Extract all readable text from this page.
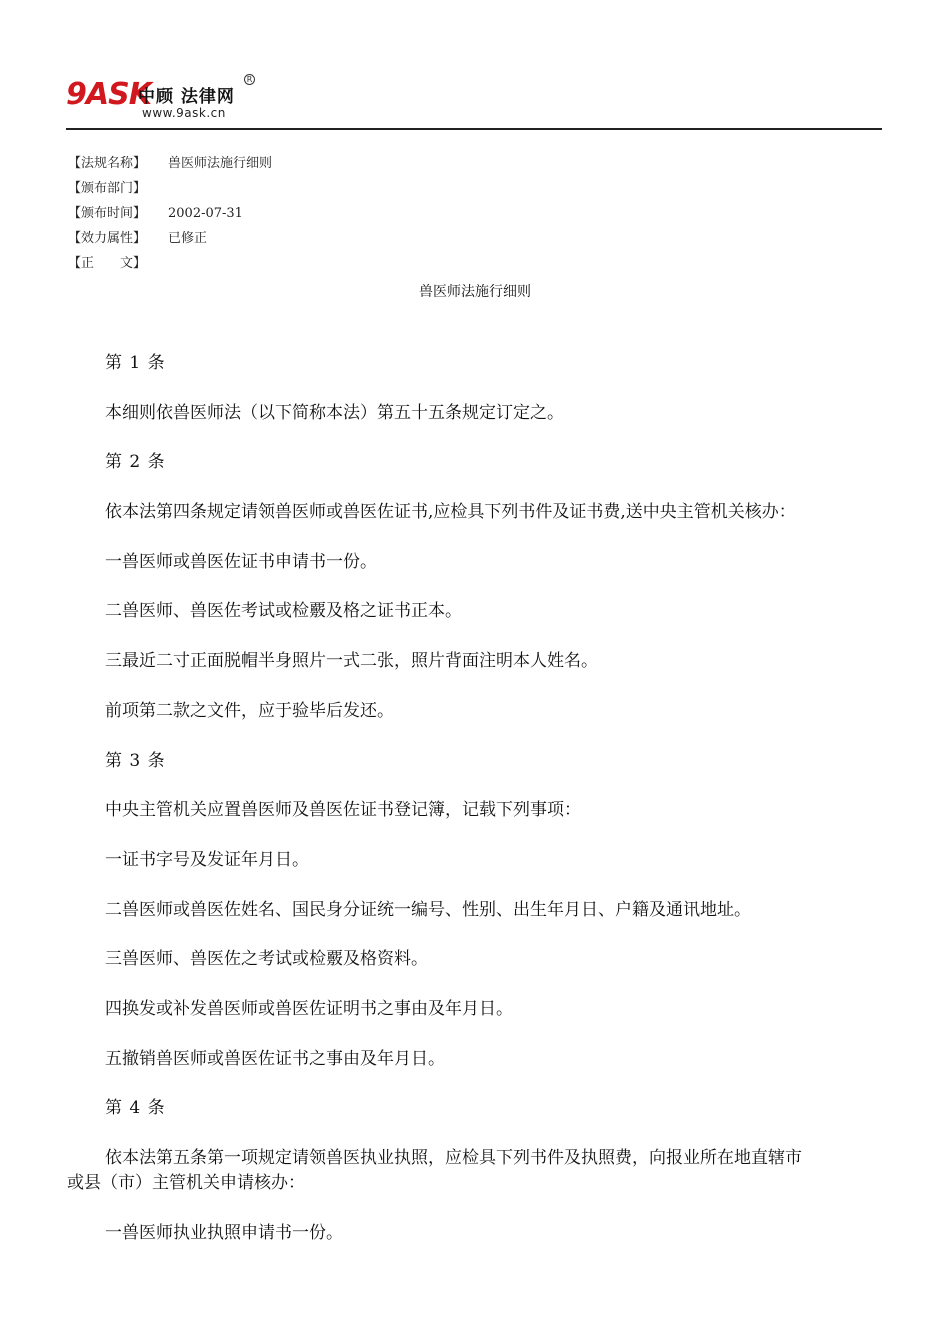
9ASK
中顾 法律网
R
www.9ask.cn
【法规名称】 兽医师法施行细则
【颁布部门】
【颁布时间】 2002-07-31
【效力属性】 已修正
【正　　文】
兽医师法施行细则

第 1 条

本细则依兽医师法（以下简称本法）第五十五条规定订定之。

第 2 条

依本法第四条规定请领兽医师或兽医佐证书,应检具下列书件及证书费,送中央主管机关核办：

一兽医师或兽医佐证书申请书一份。

二兽医师、兽医佐考试或检覈及格之证书正本。

三最近二寸正面脱帽半身照片一式二张，照片背面注明本人姓名。

前项第二款之文件，应于验毕后发还。

第 3 条

中央主管机关应置兽医师及兽医佐证书登记簿，记载下列事项：

一证书字号及发证年月日。

二兽医师或兽医佐姓名、国民身分证统一编号、性别、出生年月日、户籍及通讯地址。

三兽医师、兽医佐之考试或检覈及格资料。

四换发或补发兽医师或兽医佐证明书之事由及年月日。

五撤销兽医师或兽医佐证书之事由及年月日。

第 4 条

依本法第五条第一项规定请领兽医执业执照，应检具下列书件及执照费，向报业所在地直辖市
或县（市）主管机关申请核办：

一兽医师执业执照申请书一份。
